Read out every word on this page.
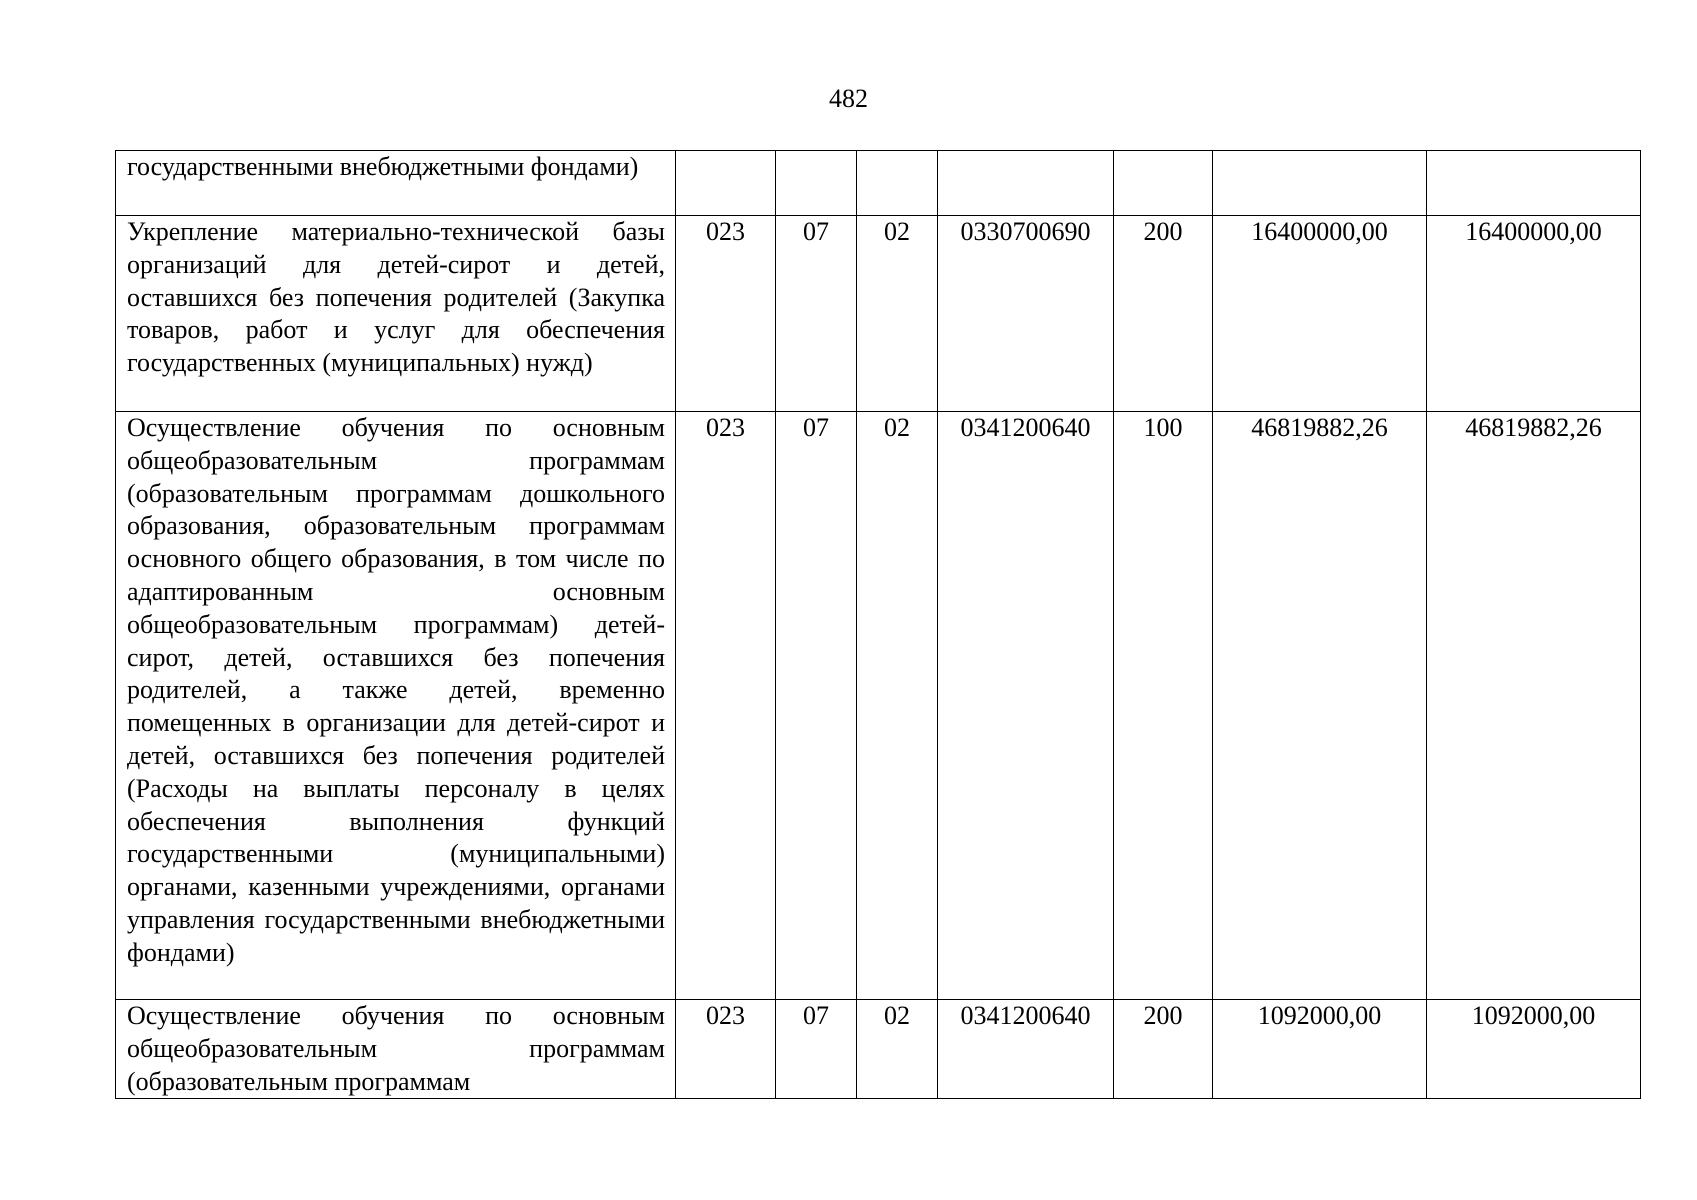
482
государственными внебюджетными фондами)							
Укрепление материально-технической базы организаций для детей-сирот и детей, оставшихся без попечения родителей (Закупка товаров, работ и услуг для обеспечения государственных (муниципальных) нужд)	023	07	02	0330700690	200	16400000,00	16400000,00
Осуществление обучения по основным общеобразовательным программам (образовательным программам дошкольного образования, образовательным программам основного общего образования, в том числе по адаптированным основным общеобразовательным программам) детей-сирот, детей, оставшихся без попечения родителей, а также детей, временно помещенных в организации для детей-сирот и детей, оставшихся без попечения родителей (Расходы на выплаты персоналу в целях обеспечения выполнения функций государственными (муниципальными) органами, казенными учреждениями, органами управления государственными внебюджетными фондами)	023	07	02	0341200640	100	46819882,26	46819882,26
Осуществление обучения по основным общеобразовательным программам (образовательным программам	023	07	02	0341200640	200	1092000,00	1092000,00
